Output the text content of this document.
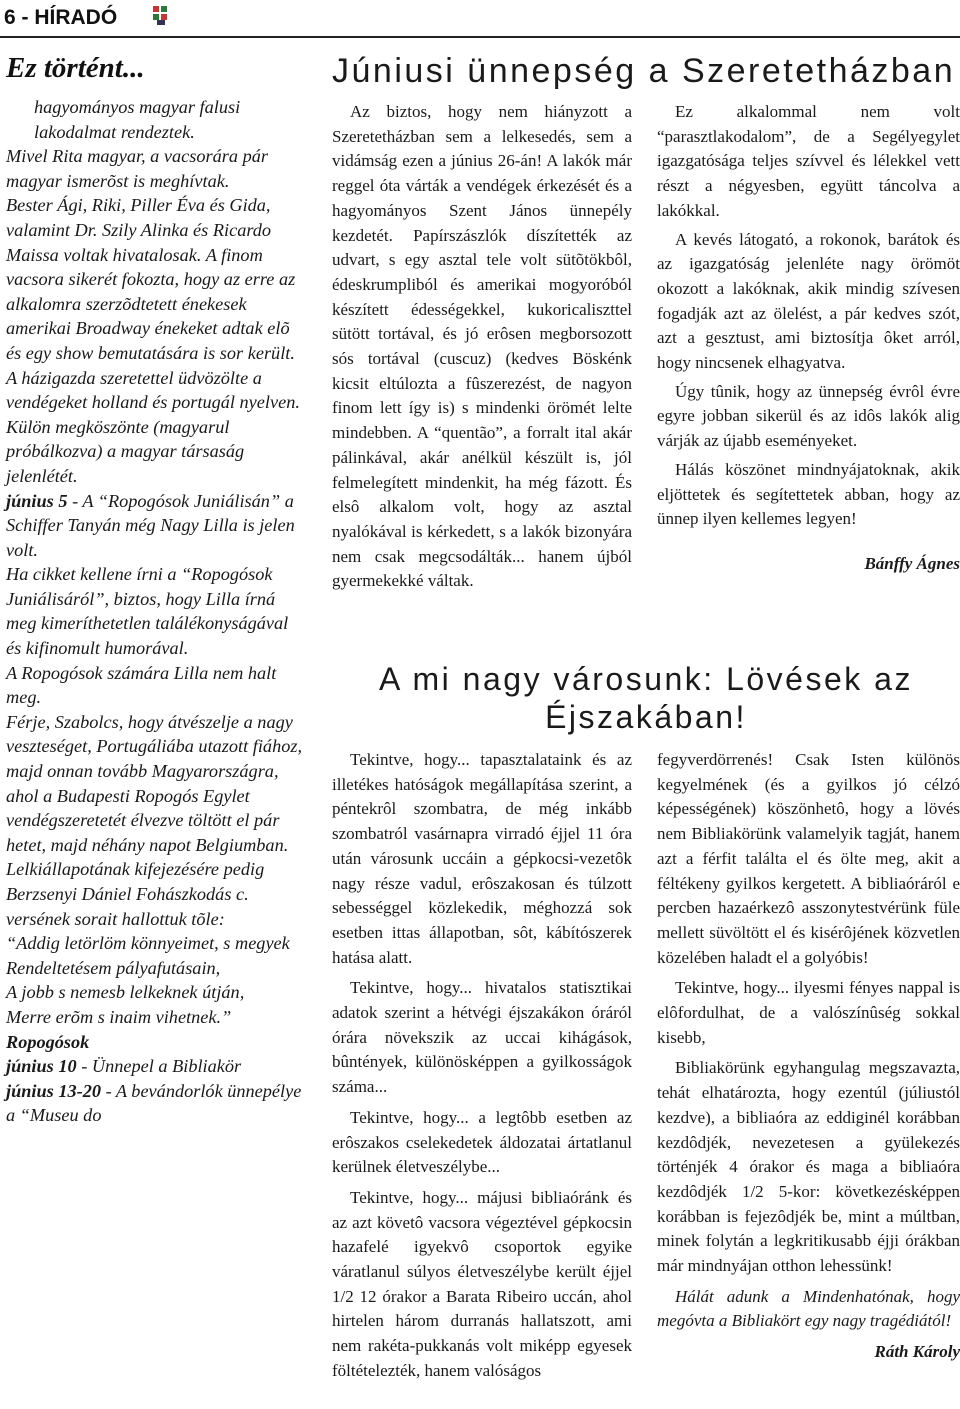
6 - HÍRADÓ
Ez történt...
hagyományos magyar falusi lakodalmat rendeztek.
Mivel Rita magyar, a vacsorára pár magyar ismerõst is meghívtak.
Bester Ági, Riki, Piller Éva és Gida, valamint Dr. Szily Alinka és Ricardo Maissa voltak hivatalosak. A finom vacsora sikerét fokozta, hogy az erre az alkalomra szerzõdtetett énekesek amerikai Broadway énekeket adtak elõ és egy show bemutatására is sor került. A házigazda szeretettel üdvözölte a vendégeket holland és portugál nyelven. Külön megköszönte (magyarul próbálkozva) a magyar társaság jelenlétét.
június 5 - A “Ropogósok Juniálisán” a Schiffer Tanyán még Nagy Lilla is jelen volt.
Ha cikket kellene írni a “Ropogósok Juniálisáról”, biztos, hogy Lilla írná meg kimeríthetetlen találékonyságával és kifinomult humorával.
A Ropogósok számára Lilla nem halt meg.
Férje, Szabolcs, hogy átvészelje a nagy veszteséget, Portugáliába utazott fiához, majd onnan tovább Magyarországra, ahol a Budapesti Ropogós Egylet vendégszeretetét élvezve töltött el pár hetet, majd néhány napot Belgiumban.
Lelkiállapotának kifejezésére pedig Berzsenyi Dániel Fohászkodás c. versének sorait hallottuk tõle:
“Addig letörlöm könnyeimet, s megyek
Rendeltetésem pályafutásain,
A jobb s nemesb lelkeknek útján,
Merre erõm s inaim vihetnek.”
Ropogósok
június 10 - Ünnepel a Bibliakör
június 13-20 - A bevándorlók ünnepélye a “Museu do
Júniusi ünnepség a Szeretetházban

Az biztos, hogy nem hiányzott a Szeretetházban sem a lelkesedés, sem a vidámság ezen a június 26-án! A lakók már reggel óta várták a vendégek érkezését és a hagyományos Szent János ünnepély kezdetét. Papírszászlók díszítették az udvart, s egy asztal tele volt sütõtökbôl, édeskrumpliból és amerikai mogyoróból készített édességekkel, kukoricaliszttel sütött tortával, és jó erôsen megborsozott sós tortával (cuscuz) (kedves Böskénk kicsit eltúlozta a fûszerezést, de nagyon finom lett így is) s mindenki örömét lelte mindebben. A “quentão”, a forralt ital akár pálinkával, akár anélkül készült is, jól felmelegített mindenkit, ha még fázott. És elsô alkalom volt, hogy az asztal nyalókával is kérkedett, s a lakók bizonyára nem csak megcsodálták... hanem újból gyermekekké váltak.

Ez alkalommal nem volt “parasztlakodalom”, de a Segélyegylet igazgatósága teljes szívvel és lélekkel vett részt a négyesben, együtt táncolva a lakókkal.

A kevés látogató, a rokonok, barátok és az igazgatóság jelenléte nagy örömöt okozott a lakóknak, akik mindig szívesen fogadják azt az ölelést, a pár kedves szót, azt a gesztust, ami biztosítja ôket arról, hogy nincsenek elhagyatva.

Úgy tûnik, hogy az ünnepség évrôl évre egyre jobban sikerül és az idôs lakók alig várják az újabb eseményeket.

Hálás köszönet mindnyájatoknak, akik eljöttetek és segítettetek abban, hogy az ünnep ilyen kellemes legyen!

Bánffy Ágnes
A mi nagy városunk: Lövések az Éjszakában!

Tekintve, hogy... tapasztalataink és az illetékes hatóságok megállapítása szerint, a péntekrôl szombatra, de még inkább szombatról vasárnapra virradó éjjel 11 óra után városunk uccáin a gépkocsi-vezetôk nagy része vadul, erôszakosan és túlzott sebességgel közlekedik, méghozzá sok esetben ittas állapotban, sôt, kábítószerek hatása alatt.

Tekintve, hogy... hivatalos statisztikai adatok szerint a hétvégi éjszakákon óráról órára növekszik az uccai kihágások, bûntények, különösképpen a gyilkosságok száma...

Tekintve, hogy... a legtôbb esetben az erôszakos cselekedetek áldozatai ártatlanul kerülnek életveszélybe...

Tekintve, hogy... májusi bibliaóránk és az azt követô vacsora végeztével gépkocsin hazafelé igyekvô csoportok egyike váratlanul súlyos életveszélybe került éjjel 1/2 12 órakor a Barata Ribeiro uccán, ahol hirtelen három durranás hallatszott, ami nem rakéta-pukkanás volt miképp egyesek föltételezték, hanem valóságos

fegyverdörrenés! Csak Isten különös kegyelmének (és a gyilkos jó célzó képességének) köszönhetô, hogy a lövés nem Bibliakörünk valamelyik tagját, hanem azt a férfit találta el és ölte meg, akit a féltékeny gyilkos kergetett. A bibliaóráról e percben hazaérkezô asszonytestvérünk füle mellett süvöltött el és kisérôjének közvetlen közelében haladt el a golyóbis!

Tekintve, hogy... ilyesmi fényes nappal is elôfordulhat, de a valószínûség sokkal kisebb,

Bibliakörünk egyhangulag megszavazta, tehát elhatározta, hogy ezentúl (júliustól kezdve), a bibliaóra az eddiginél korábban kezdôdjék, nevezetesen a gyülekezés történjék 4 órakor és maga a bibliaóra kezdôdjék 1/2 5-kor: következésképpen korábban is fejezôdjék be, mint a múltban, minek folytán a legkritikusabb éjji órákban már mindnyájan otthon lehessünk!

Hálát adunk a Mindenhatónak, hogy megóvta a Bibliakört egy nagy tragédiától!

Ráth Károly
